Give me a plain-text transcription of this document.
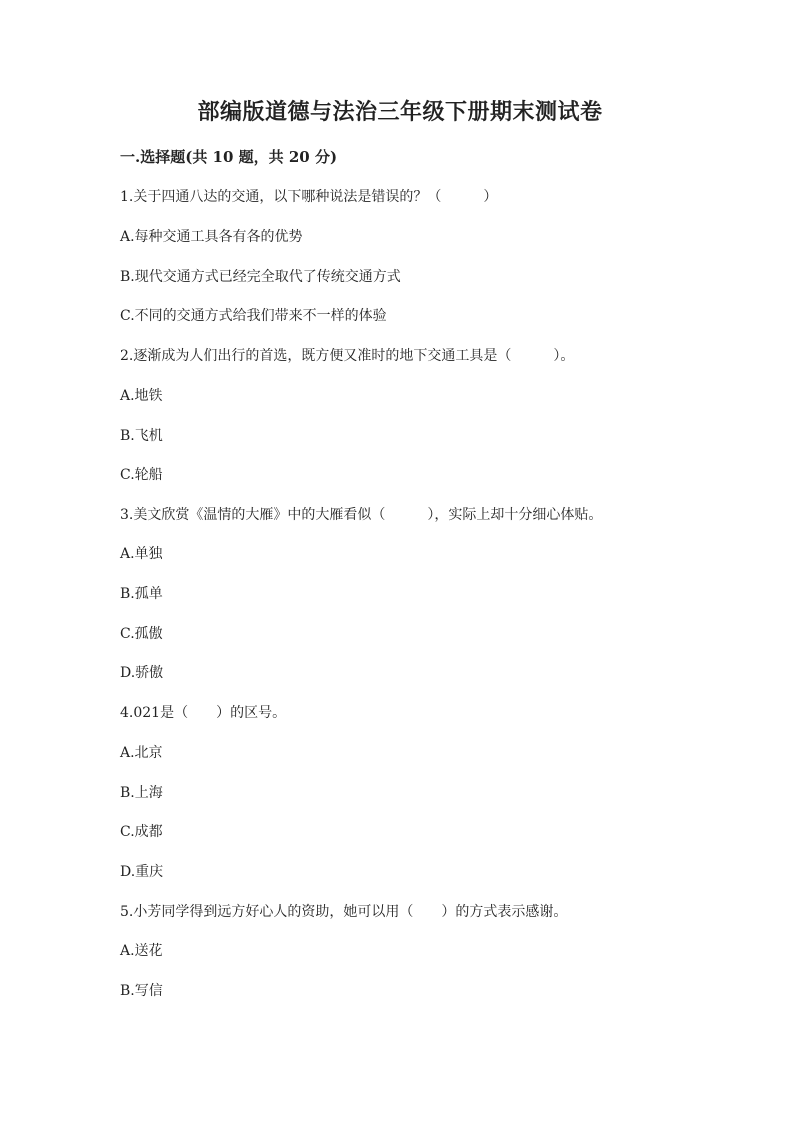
部编版道德与法治三年级下册期末测试卷
一.选择题(共 10 题，共 20 分)
1.关于四通八达的交通，以下哪种说法是错误的？（　　　）
A.每种交通工具各有各的优势
B.现代交通方式已经完全取代了传统交通方式
C.不同的交通方式给我们带来不一样的体验
2.逐渐成为人们出行的首选，既方便又准时的地下交通工具是（　　　）。
A.地铁
B.飞机
C.轮船
3.美文欣赏《温情的大雁》中的大雁看似（　　　），实际上却十分细心体贴。
A.单独
B.孤单
C.孤傲
D.骄傲
4.021是（　　）的区号。
A.北京
B.上海
C.成都
D.重庆
5.小芳同学得到远方好心人的资助，她可以用（　　）的方式表示感谢。
A.送花
B.写信
